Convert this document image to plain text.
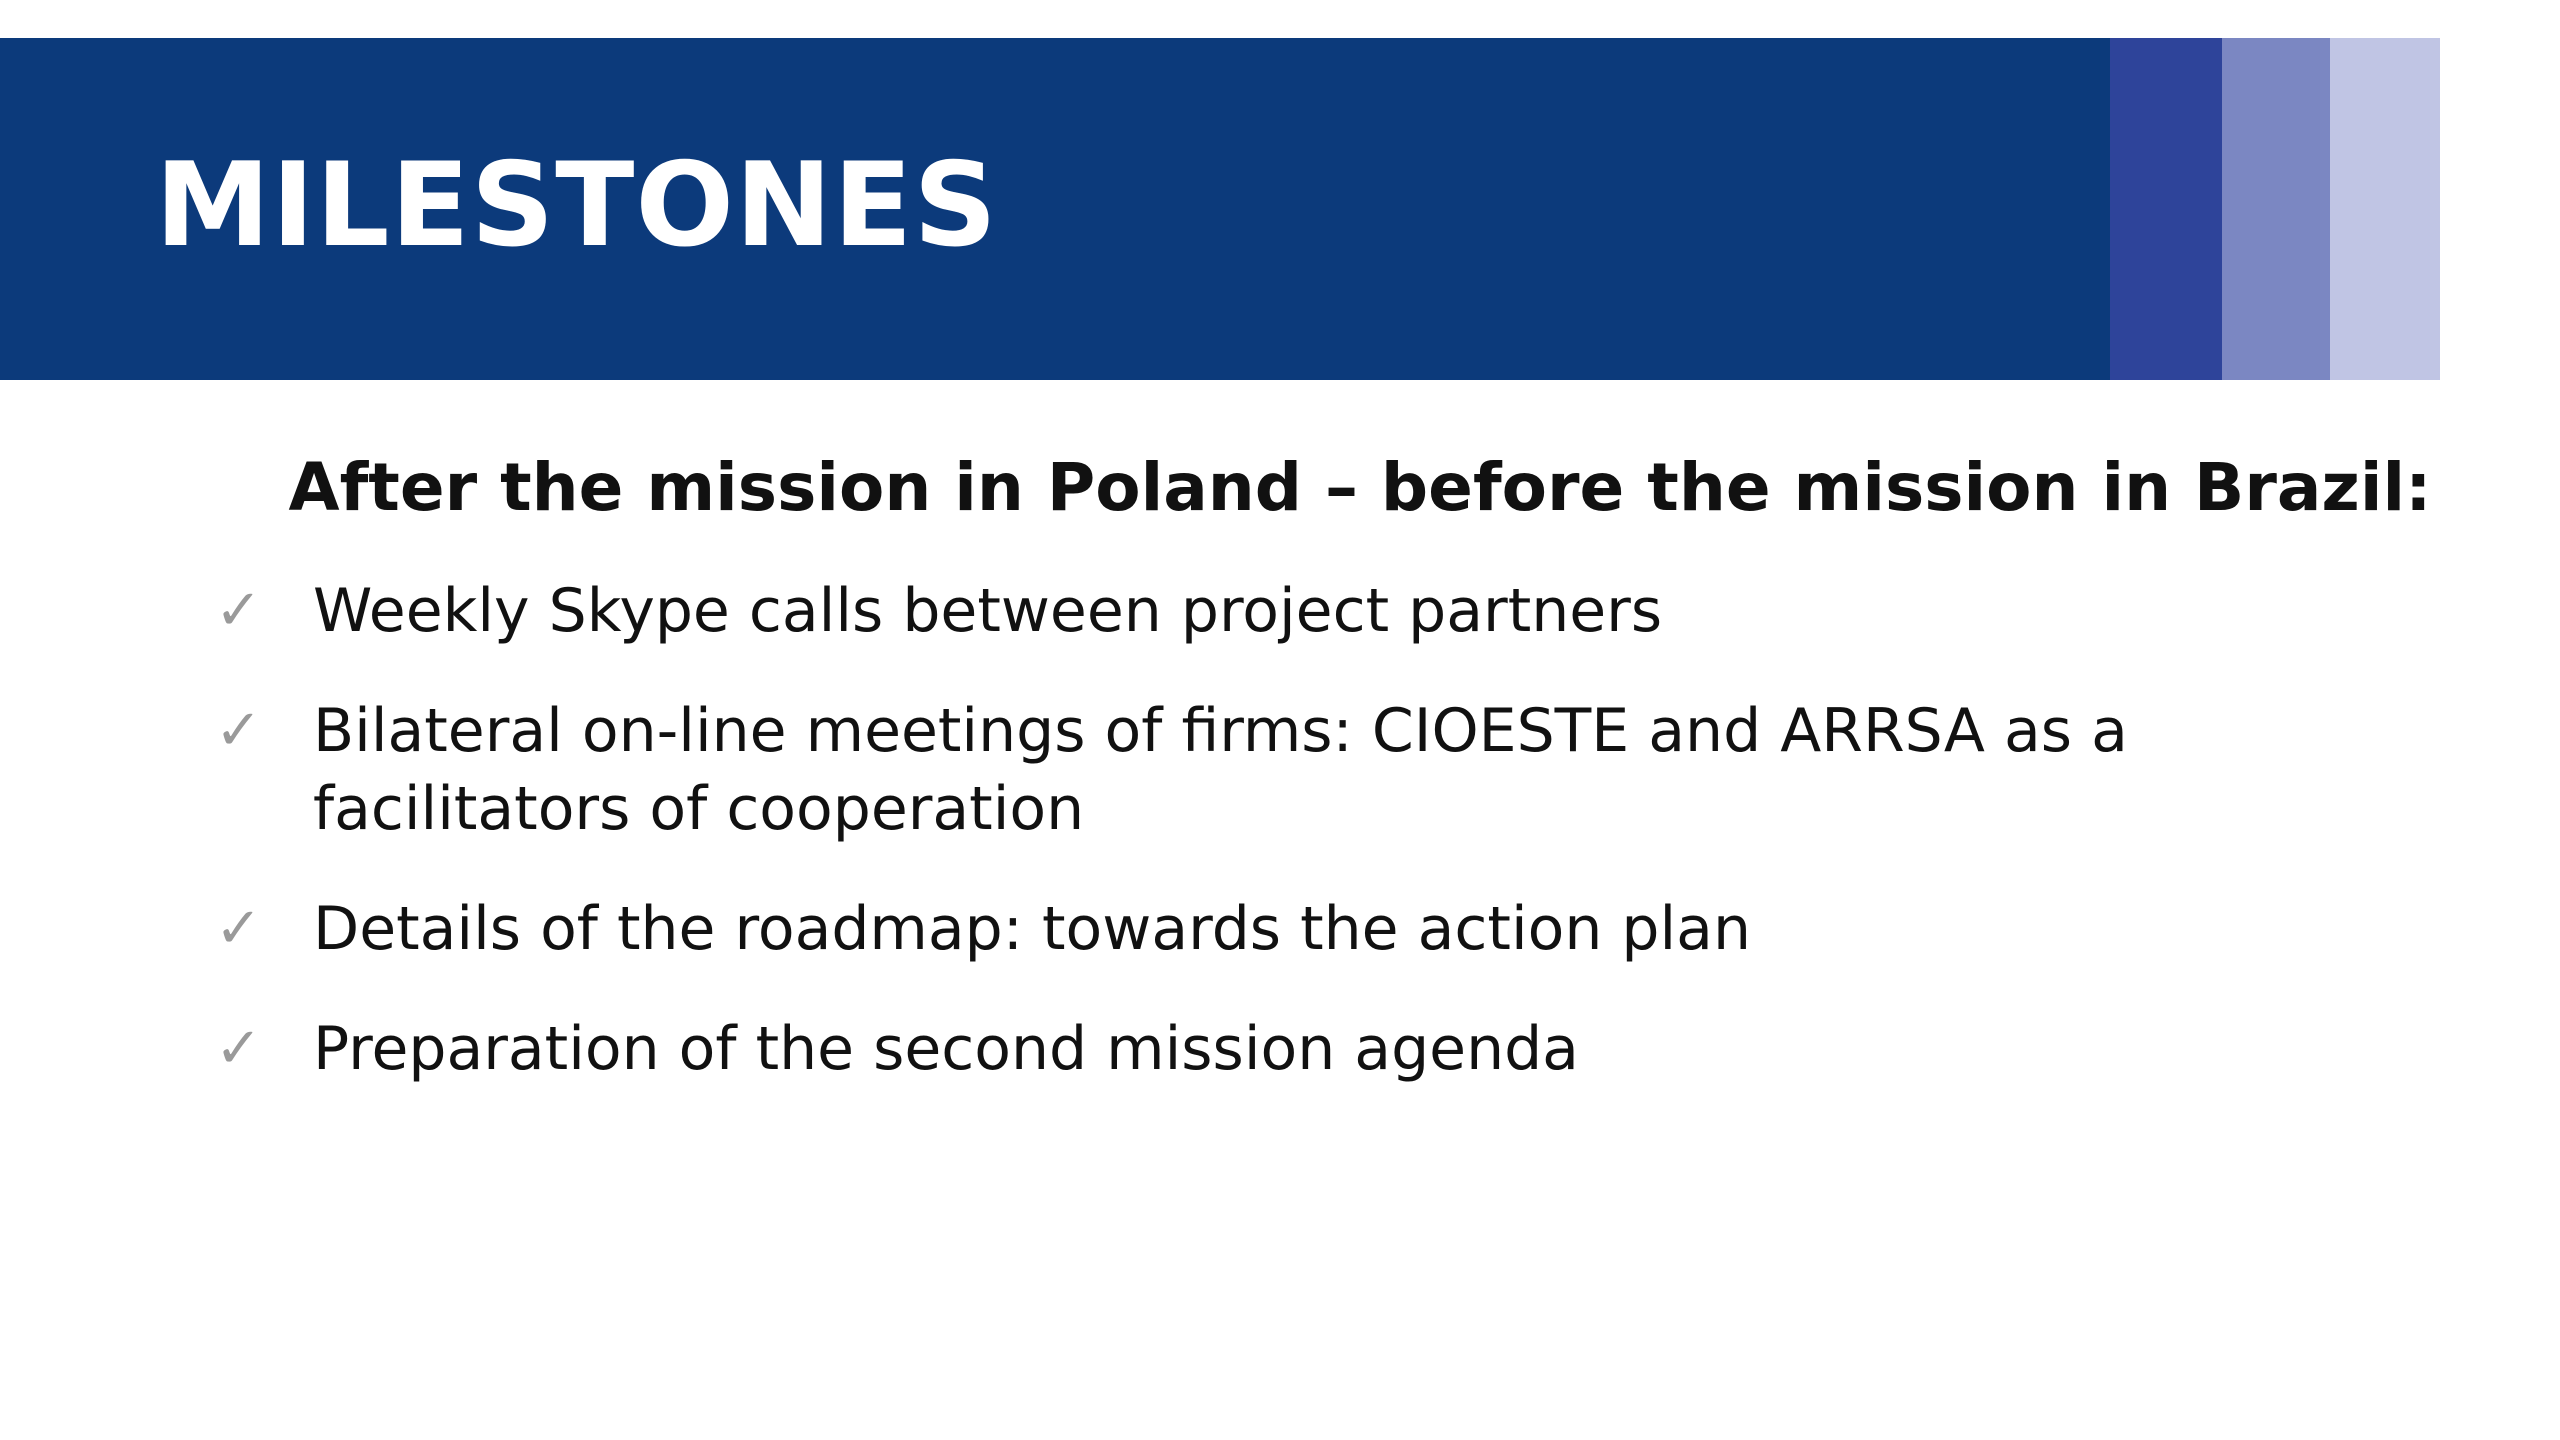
MILESTONES
After the mission in Poland – before the mission in Brazil:
✓ Weekly Skype calls between project partners
✓ Bilateral on-line meetings of firms: CIOESTE and ARRSA as a facilitators of cooperation
✓ Details of the roadmap: towards the action plan
✓ Preparation of the second mission agenda
